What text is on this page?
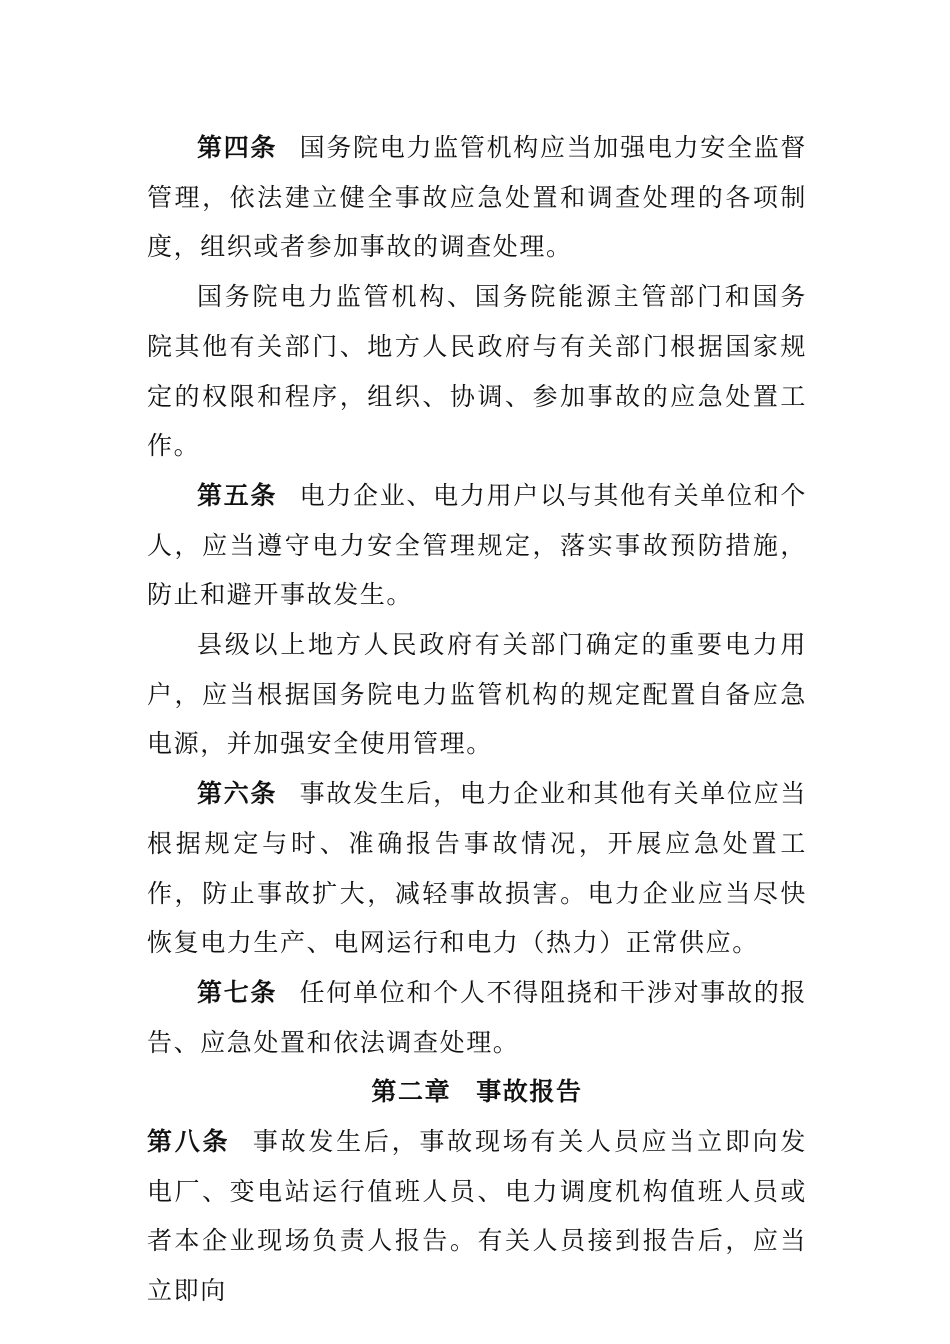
第四条 国务院电力监管机构应当加强电力安全监督管理，依法建立健全事故应急处置和调查处理的各项制度，组织或者参加事故的调查处理。

国务院电力监管机构、国务院能源主管部门和国务院其他有关部门、地方人民政府与有关部门根据国家规定的权限和程序，组织、协调、参加事故的应急处置工作。

第五条 电力企业、电力用户以与其他有关单位和个人，应当遵守电力安全管理规定，落实事故预防措施，防止和避开事故发生。

县级以上地方人民政府有关部门确定的重要电力用户，应当根据国务院电力监管机构的规定配置自备应急电源，并加强安全使用管理。

第六条 事故发生后，电力企业和其他有关单位应当根据规定与时、准确报告事故情况，开展应急处置工作，防止事故扩大，减轻事故损害。电力企业应当尽快恢复电力生产、电网运行和电力（热力）正常供应。

第七条 任何单位和个人不得阻挠和干涉对事故的报告、应急处置和依法调查处理。

第二章 事故报告

第八条 事故发生后，事故现场有关人员应当立即向发电厂、变电站运行值班人员、电力调度机构值班人员或者本企业现场负责人报告。有关人员接到报告后，应当立即向
